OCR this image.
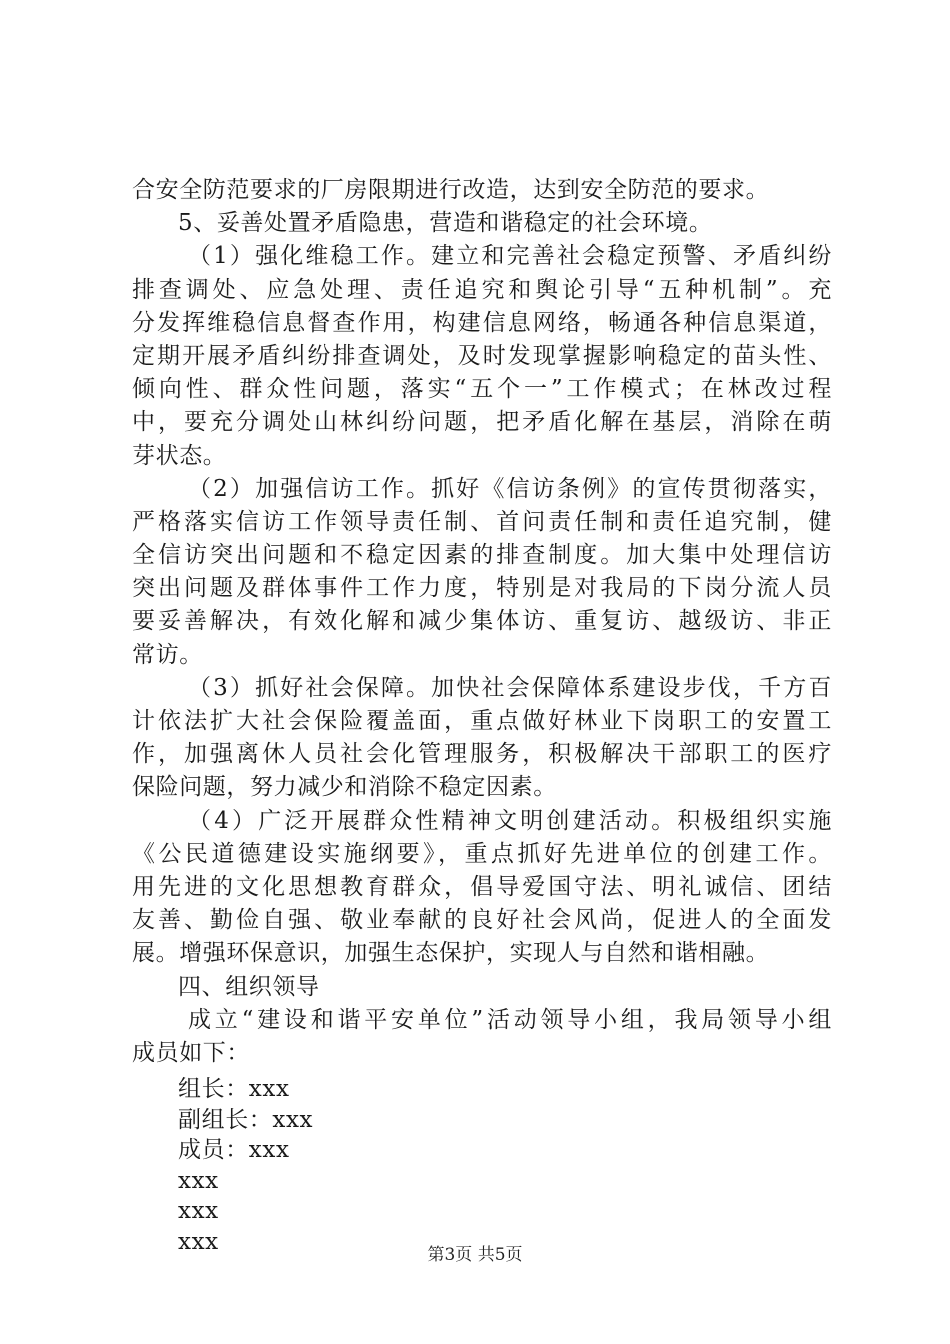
合安全防范要求的厂房限期进行改造，达到安全防范的要求。
5、妥善处置矛盾隐患，营造和谐稳定的社会环境。
（1）强化维稳工作。建立和完善社会稳定预警、矛盾纠纷
排查调处、应急处理、责任追究和舆论引导“五种机制”。充
分发挥维稳信息督查作用，构建信息网络，畅通各种信息渠道，
定期开展矛盾纠纷排查调处，及时发现掌握影响稳定的苗头性、
倾向性、群众性问题，落实“五个一”工作模式；在林改过程
中，要充分调处山林纠纷问题，把矛盾化解在基层，消除在萌
芽状态。
（2）加强信访工作。抓好《信访条例》的宣传贯彻落实，
严格落实信访工作领导责任制、首问责任制和责任追究制，健
全信访突出问题和不稳定因素的排查制度。加大集中处理信访
突出问题及群体事件工作力度，特别是对我局的下岗分流人员
要妥善解决，有效化解和减少集体访、重复访、越级访、非正
常访。
（3）抓好社会保障。加快社会保障体系建设步伐，千方百
计依法扩大社会保险覆盖面，重点做好林业下岗职工的安置工
作，加强离休人员社会化管理服务，积极解决干部职工的医疗
保险问题，努力减少和消除不稳定因素。
（4）广泛开展群众性精神文明创建活动。积极组织实施
《公民道德建设实施纲要》，重点抓好先进单位的创建工作。
用先进的文化思想教育群众，倡导爱国守法、明礼诚信、团结
友善、勤俭自强、敬业奉献的良好社会风尚，促进人的全面发
展。增强环保意识，加强生态保护，实现人与自然和谐相融。
四、组织领导
成立“建设和谐平安单位”活动领导小组，我局领导小组
成员如下：
组长：xxx
副组长：xxx
成员：xxx
xxx
xxx
xxx
第3页 共5页
